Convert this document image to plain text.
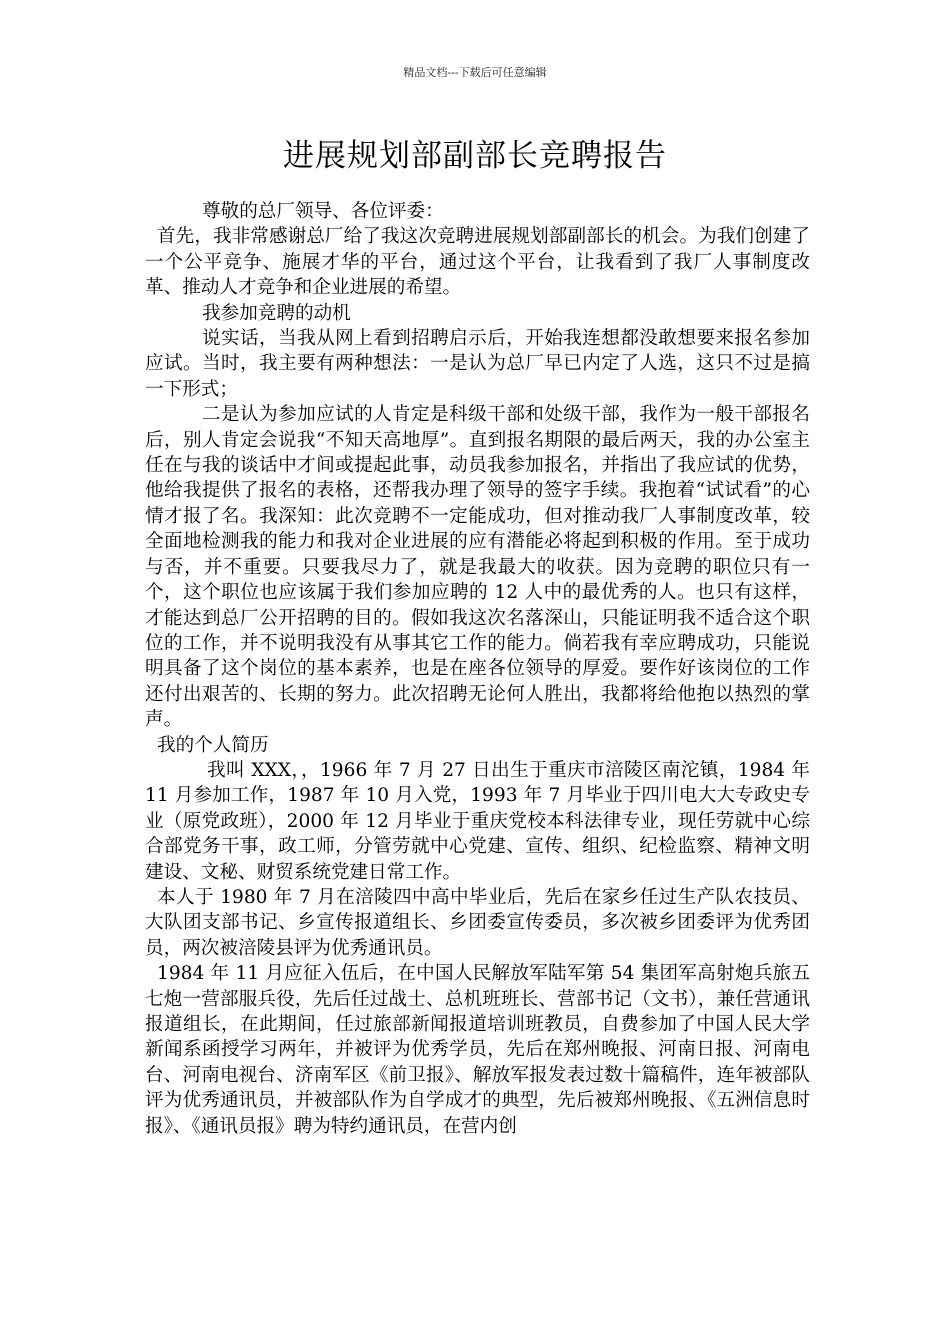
精品文档---下载后可任意编辑
进展规划部副部长竞聘报告

尊敬的总厂领导、各位评委：

首先，我非常感谢总厂给了我这次竞聘进展规划部副部长的机会。为我们创建了一个公平竞争、施展才华的平台，通过这个平台，让我看到了我厂人事制度改革、推动人才竞争和企业进展的希望。

我参加竞聘的动机

说实话，当我从网上看到招聘启示后，开始我连想都没敢想要来报名参加应试。当时，我主要有两种想法：一是认为总厂早已内定了人选，这只不过是搞一下形式；

二是认为参加应试的人肯定是科级干部和处级干部，我作为一般干部报名后，别人肯定会说我“不知天高地厚”。直到报名期限的最后两天，我的办公室主任在与我的谈话中才间或提起此事，动员我参加报名，并指出了我应试的优势，他给我提供了报名的表格，还帮我办理了领导的签字手续。我抱着“试试看”的心情才报了名。我深知：此次竞聘不一定能成功，但对推动我厂人事制度改革，较全面地检测我的能力和我对企业进展的应有潜能必将起到积极的作用。至于成功与否，并不重要。只要我尽力了，就是我最大的收获。因为竞聘的职位只有一个，这个职位也应该属于我们参加应聘的 12 人中的最优秀的人。也只有这样，才能达到总厂公开招聘的目的。假如我这次名落深山，只能证明我不适合这个职位的工作，并不说明我没有从事其它工作的能力。倘若我有幸应聘成功，只能说明具备了这个岗位的基本素养，也是在座各位领导的厚爱。要作好该岗位的工作还付出艰苦的、长期的努力。此次招聘无论何人胜出，我都将给他抱以热烈的掌声。

我的个人简历

我叫 XXX，，1966 年 7 月 27 日出生于重庆市涪陵区南沱镇，1984 年 11 月参加工作，1987 年 10 月入党，1993 年 7 月毕业于四川电大大专政史专业（原党政班），2000 年 12 月毕业于重庆党校本科法律专业，现任劳就中心综合部党务干事，政工师，分管劳就中心党建、宣传、组织、纪检监察、精神文明建设、文秘、财贸系统党建日常工作。

本人于 1980 年 7 月在涪陵四中高中毕业后，先后在家乡任过生产队农技员、大队团支部书记、乡宣传报道组长、乡团委宣传委员，多次被乡团委评为优秀团员，两次被涪陵县评为优秀通讯员。

1984 年 11 月应征入伍后，在中国人民解放军陆军第 54 集团军高射炮兵旅五七炮一营部服兵役，先后任过战士、总机班班长、营部书记（文书），兼任营通讯报道组长，在此期间，任过旅部新闻报道培训班教员，自费参加了中国人民大学新闻系函授学习两年，并被评为优秀学员，先后在郑州晚报、河南日报、河南电台、河南电视台、济南军区《前卫报》、解放军报发表过数十篇稿件，连年被部队评为优秀通讯员，并被部队作为自学成才的典型，先后被郑州晚报、《五洲信息时报》、《通讯员报》聘为特约通讯员，在营内创
